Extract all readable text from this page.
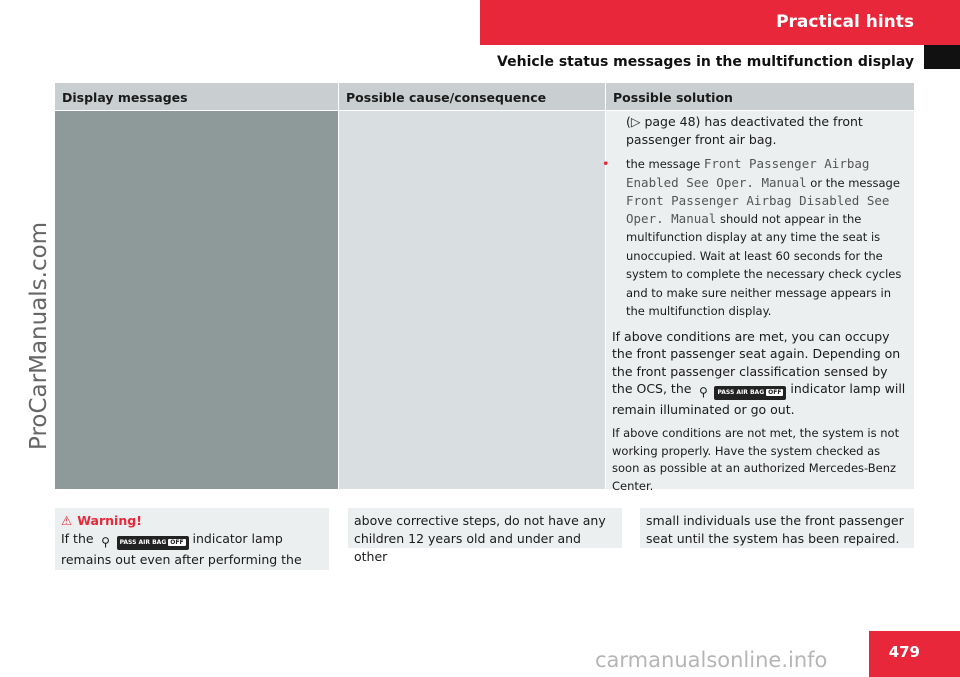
Practical hints
Vehicle status messages in the multifunction display
ProCarManuals.com
Display messages	Possible cause/consequence	Possible solution
(▷ page 48) has deactivated the front passenger front air bag.
• the message Front Passenger Airbag Enabled See Oper. Manual or the message Front Passenger Airbag Disabled See Oper. Manual should not appear in the multifunction display at any time the seat is unoccupied. Wait at least 60 seconds for the system to complete the necessary check cycles and to make sure neither message appears in the multifunction display.
If above conditions are met, you can occupy the front passenger seat again. Depending on the front passenger classification sensed by the OCS, the ⚲ PASS AIR BAG OFF indicator lamp will remain illuminated or go out.
If above conditions are not met, the system is not working properly. Have the system checked as soon as possible at an authorized Mercedes-Benz Center.
⚠ Warning!
If the ⚲ PASS AIR BAG OFF indicator lamp remains out even after performing the
above corrective steps, do not have any children 12 years old and under and other
small individuals use the front passenger seat until the system has been repaired.
479
carmanualsonline.info
